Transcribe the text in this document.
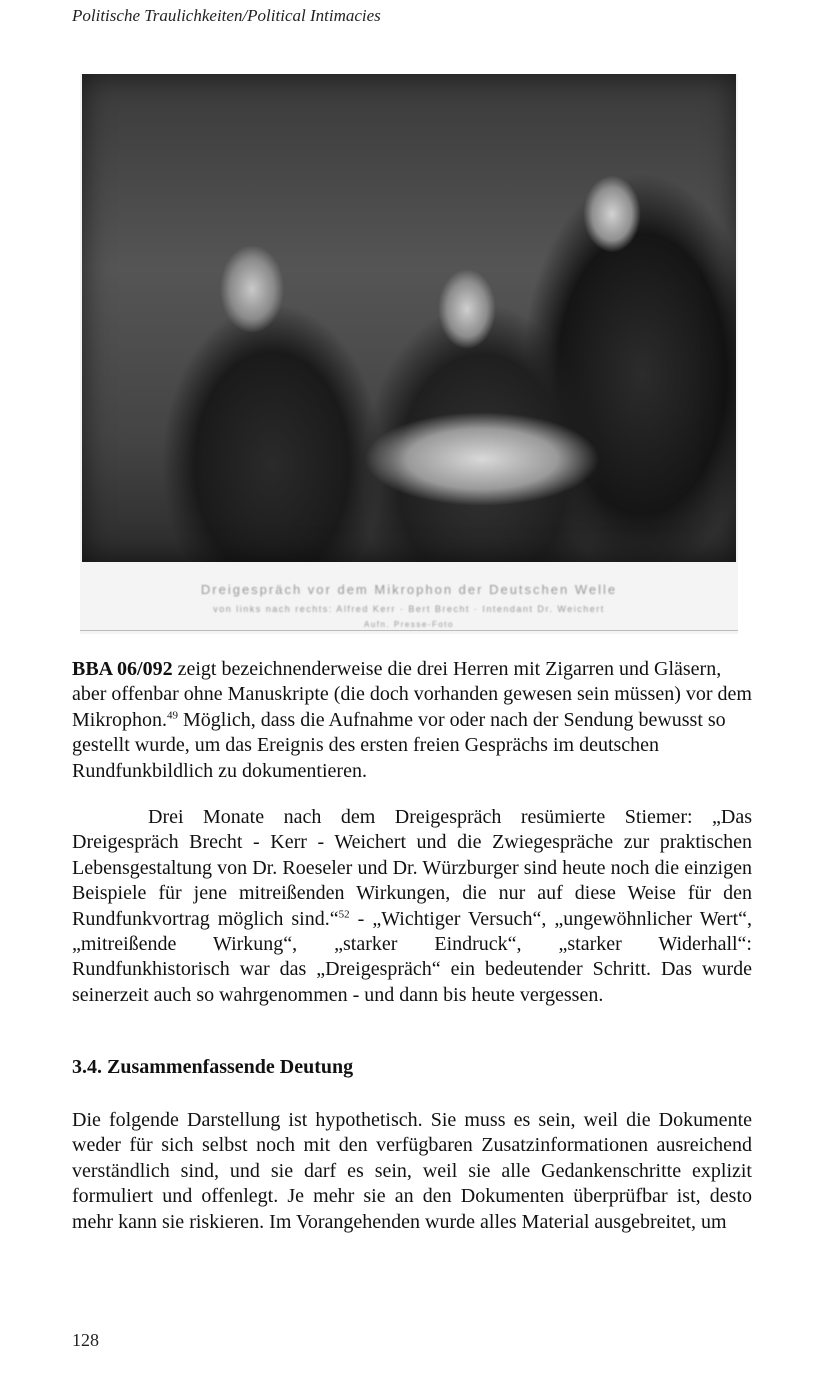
Politische Traulichkeiten/Political Intimacies
Dreigespräch vor dem Mikrophon der Deutschen Welle
von links nach rechts: Alfred Kerr · Bert Brecht · Intendant Dr. Weichert
Aufn. Presse-Foto

BBA 06/092 zeigt bezeichnenderweise die drei Herren mit Zigarren und Gläsern, aber offenbar ohne Manuskripte (die doch vorhanden gewesen sein müssen) vor dem Mikrophon.$^{49}$ Möglich, dass die Aufnahme vor oder nach der Sendung bewusst so gestellt wurde, um das Ereignis des ersten freien Gesprächs im deutschen Rundfunkbildlich zu dokumentieren.

Drei Monate nach dem Dreigespräch resümierte Stiemer: „Das Dreigespräch Brecht - Kerr - Weichert und die Zwiegespräche zur praktischen Lebensgestaltung von Dr. Roeseler und Dr. Würzburger sind heute noch die einzigen Beispiele für jene mitreißenden Wirkungen, die nur auf diese Weise für den Rundfunkvortrag möglich sind.“$^{52}$ - „Wichtiger Versuch“, „ungewöhnlicher Wert“, „mitreißende Wirkung“, „starker Eindruck“, „starker Widerhall“: Rundfunkhistorisch war das „Dreigespräch“ ein bedeutender Schritt. Das wurde seinerzeit auch so wahrgenommen - und dann bis heute vergessen.

3.4. Zusammenfassende Deutung

Die folgende Darstellung ist hypothetisch. Sie muss es sein, weil die Dokumente weder für sich selbst noch mit den verfügbaren Zusatzinformationen ausreichend verständlich sind, und sie darf es sein, weil sie alle Gedankenschritte explizit formuliert und offenlegt. Je mehr sie an den Dokumenten überprüfbar ist, desto mehr kann sie riskieren. Im Vorangehenden wurde alles Material ausgebreitet, um

128
